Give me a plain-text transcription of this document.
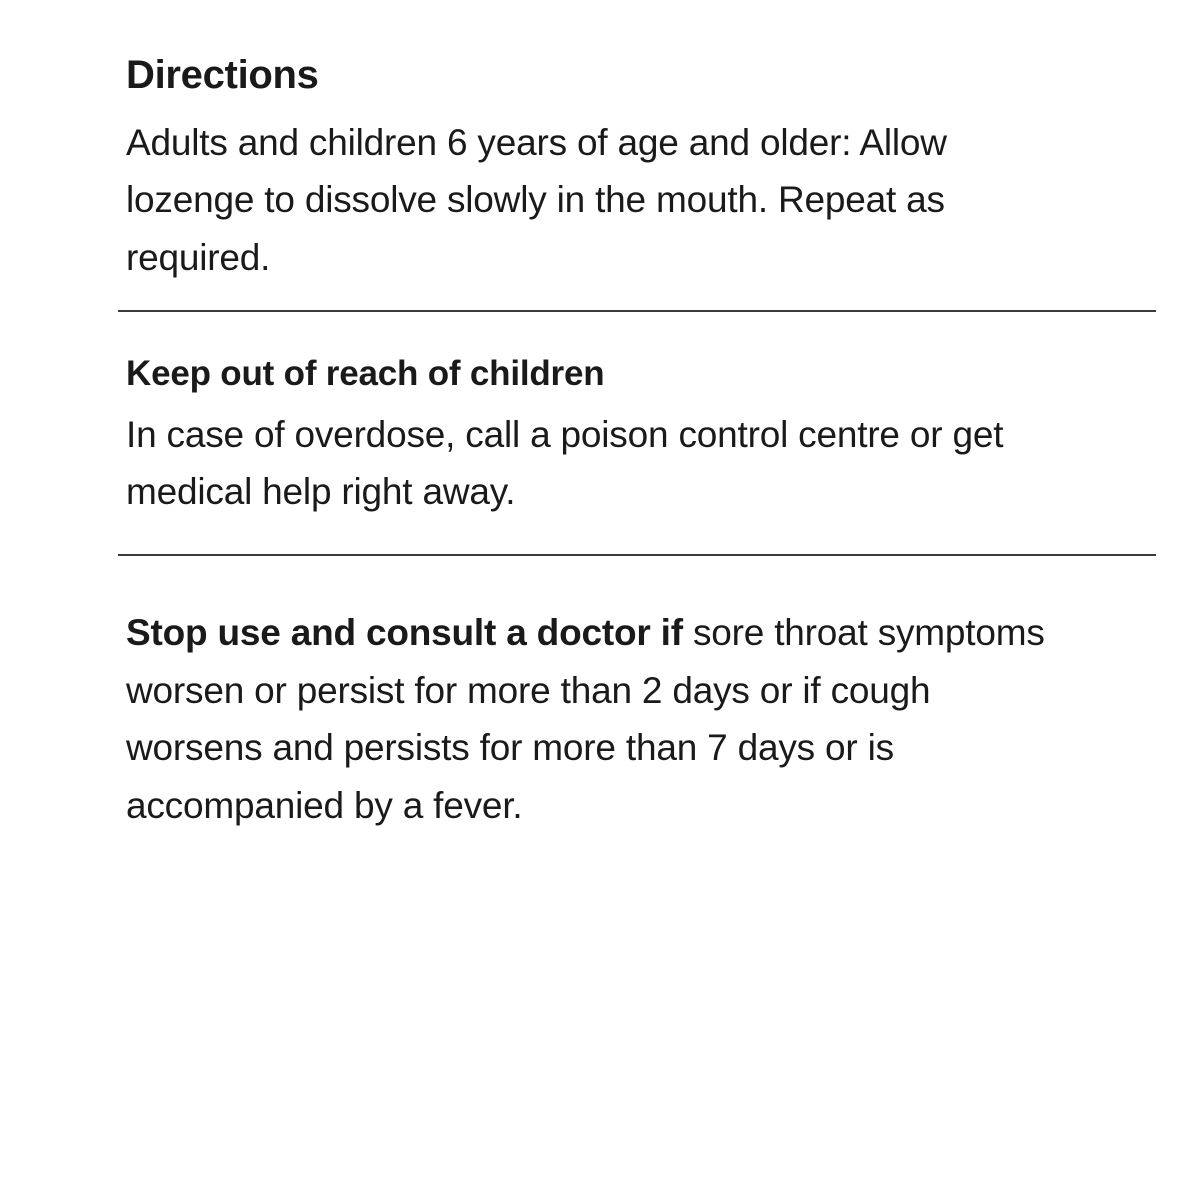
Directions

Adults and children 6 years of age and older: Allow lozenge to dissolve slowly in the mouth. Repeat as required.

Keep out of reach of children

In case of overdose, call a poison control centre or get medical help right away.

Stop use and consult a doctor if sore throat symptoms worsen or persist for more than 2 days or if cough worsens and persists for more than 7 days or is accompanied by a fever.
